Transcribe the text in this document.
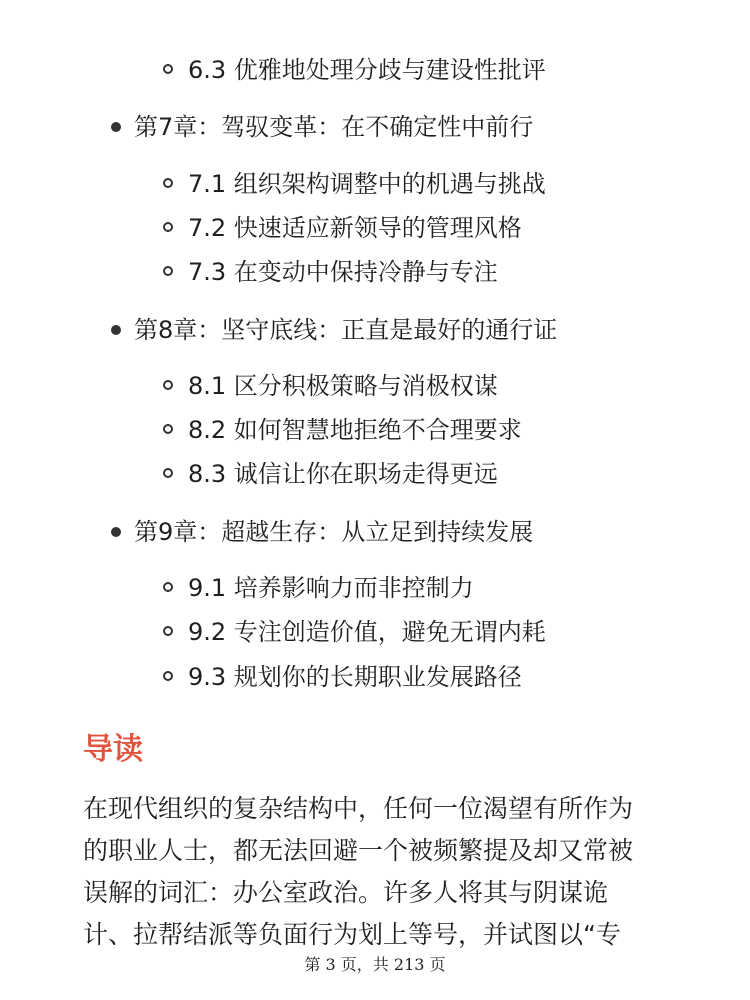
6.3 优雅地处理分歧与建设性批评
第7章：驾驭变革：在不确定性中前行
7.1 组织架构调整中的机遇与挑战
7.2 快速适应新领导的管理风格
7.3 在变动中保持冷静与专注
第8章：坚守底线：正直是最好的通行证
8.1 区分积极策略与消极权谋
8.2 如何智慧地拒绝不合理要求
8.3 诚信让你在职场走得更远
第9章：超越生存：从立足到持续发展
9.1 培养影响力而非控制力
9.2 专注创造价值，避免无谓内耗
9.3 规划你的长期职业发展路径
导读
在现代组织的复杂结构中，任何一位渴望有所作为
的职业人士，都无法回避一个被频繁提及却又常被
误解的词汇：办公室政治。许多人将其与阴谋诡
计、拉帮结派等负面行为划上等号，并试图以“专
第 3 页，共 213 页
